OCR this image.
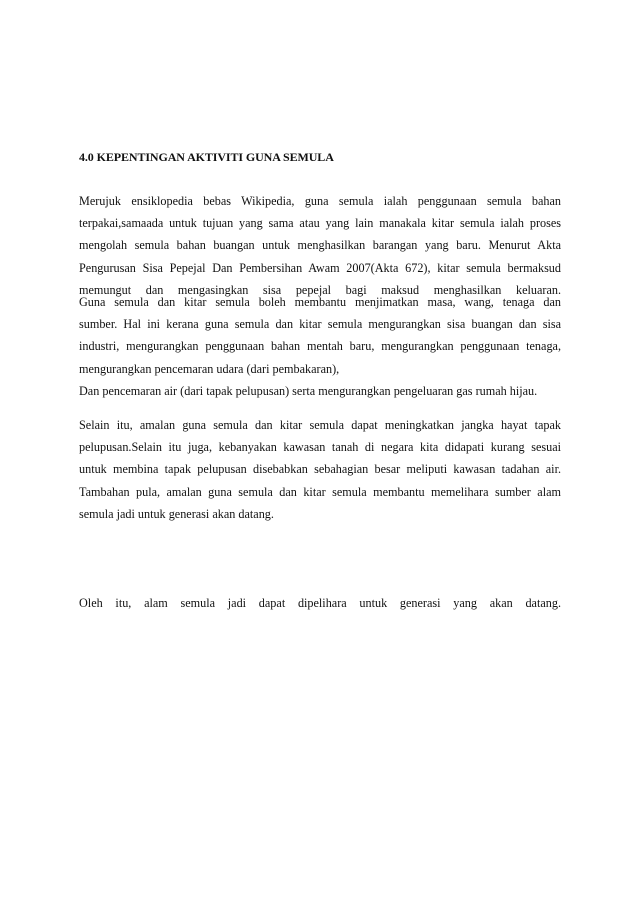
4.0 KEPENTINGAN AKTIVITI GUNA SEMULA
Merujuk ensiklopedia bebas Wikipedia, guna semula ialah penggunaan semula bahan
terpakai,samaada untuk tujuan yang sama atau yang lain manakala kitar semula ialah proses
mengolah semula bahan buangan untuk menghasilkan barangan yang baru. Menurut Akta
Pengurusan Sisa Pepejal Dan Pembersihan Awam 2007(Akta 672), kitar semula bermaksud
memungut dan mengasingkan sisa pepejal bagi maksud menghasilkan keluaran.
Guna semula dan kitar semula boleh membantu menjimatkan masa, wang, tenaga dan
sumber. Hal ini kerana guna semula dan kitar semula mengurangkan sisa buangan dan sisa
industri, mengurangkan penggunaan bahan mentah baru, mengurangkan penggunaan tenaga,
mengurangkan pencemaran udara (dari pembakaran),
Dan pencemaran air (dari tapak pelupusan) serta mengurangkan pengeluaran gas rumah hijau.
Selain itu, amalan guna semula dan kitar semula dapat meningkatkan jangka hayat tapak
pelupusan.Selain itu juga, kebanyakan kawasan tanah di negara kita didapati kurang sesuai
untuk membina tapak pelupusan disebabkan sebahagian besar meliputi kawasan tadahan air.
Tambahan pula, amalan guna semula dan kitar semula membantu memelihara sumber alam
semula jadi untuk generasi akan datang.
Oleh itu, alam semula jadi dapat dipelihara untuk generasi yang akan datang.
